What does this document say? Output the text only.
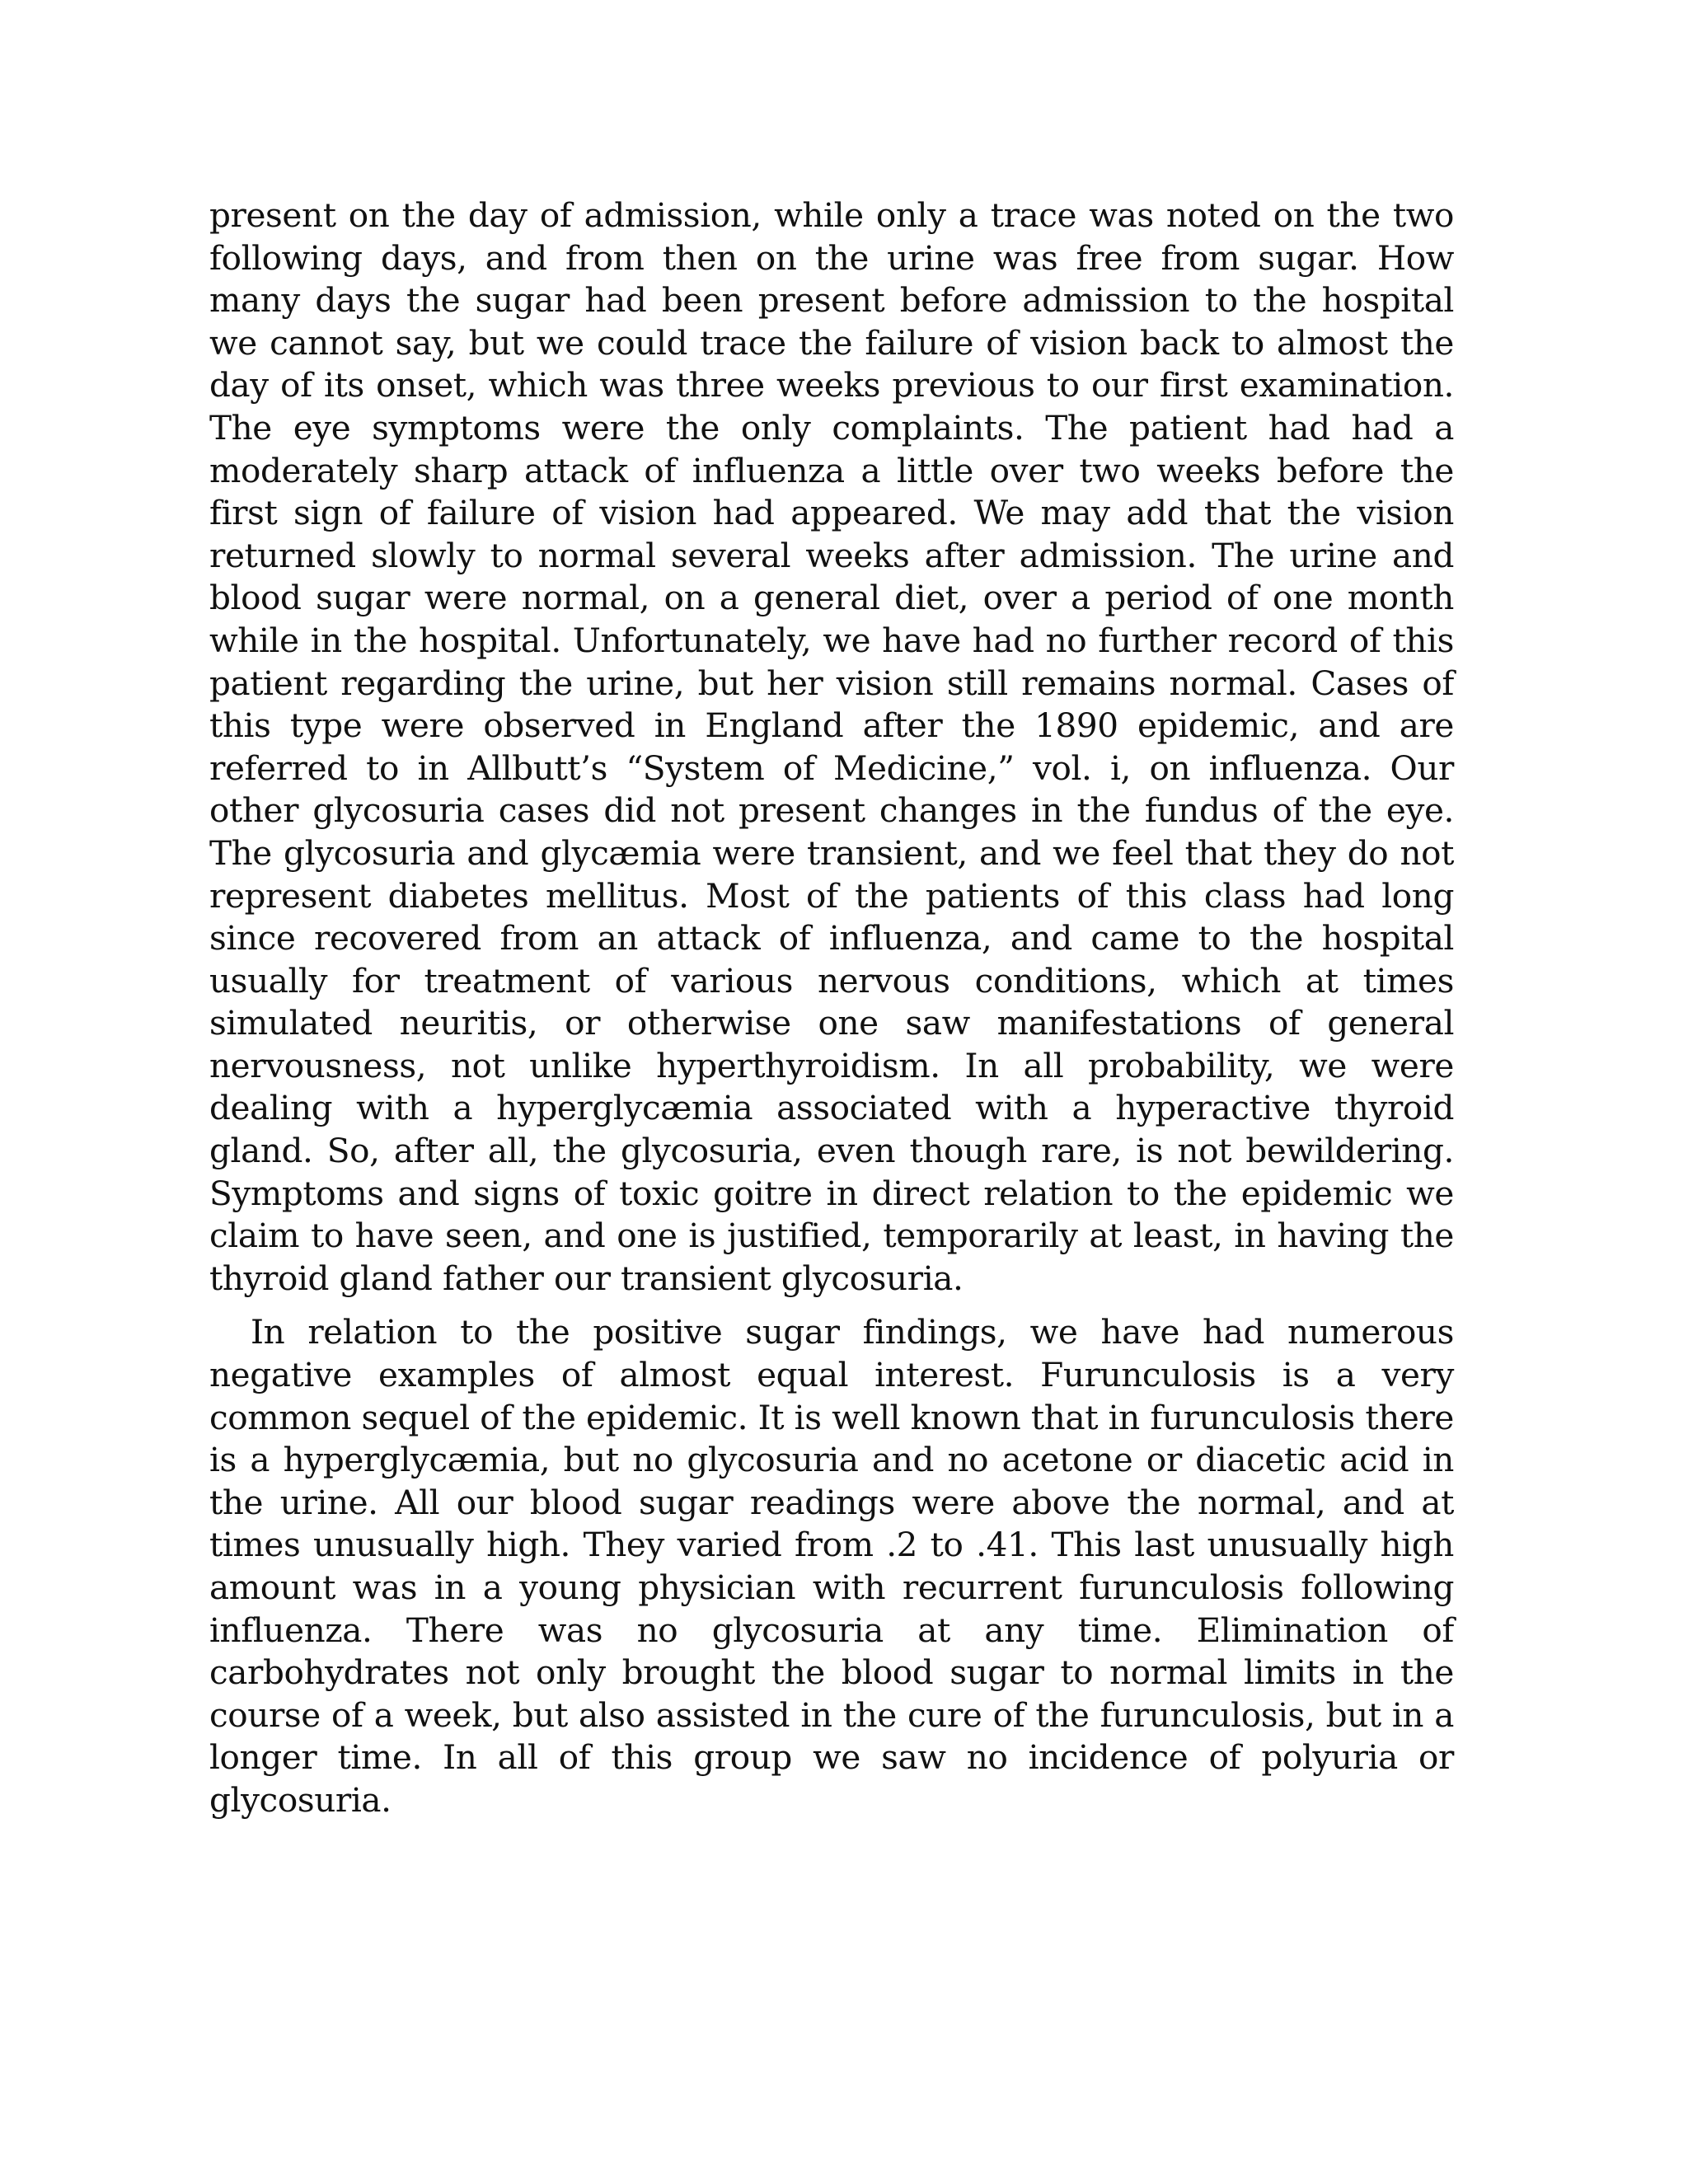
present on the day of admission, while only a trace was noted on the two following days, and from then on the urine was free from sugar. How many days the sugar had been present before admission to the hospital we cannot say, but we could trace the failure of vision back to almost the day of its onset, which was three weeks previous to our first examination. The eye symptoms were the only complaints. The patient had had a moderately sharp attack of influenza a little over two weeks before the first sign of failure of vision had appeared. We may add that the vision returned slowly to normal several weeks after admission. The urine and blood sugar were normal, on a general diet, over a period of one month while in the hospital. Unfortunately, we have had no further record of this patient regarding the urine, but her vision still remains normal. Cases of this type were observed in England after the 1890 epidemic, and are referred to in Allbutt’s “System of Medicine,” vol. i, on influenza. Our other glycosuria cases did not present changes in the fundus of the eye. The glycosuria and glycæmia were transient, and we feel that they do not represent diabetes mellitus. Most of the patients of this class had long since recovered from an attack of influenza, and came to the hospital usually for treatment of various nervous conditions, which at times simulated neuritis, or otherwise one saw manifestations of general nervousness, not unlike hyperthyroidism. In all probability, we were dealing with a hyperglycæmia associated with a hyperactive thyroid gland. So, after all, the glycosuria, even though rare, is not bewildering. Symptoms and signs of toxic goitre in direct relation to the epidemic we claim to have seen, and one is justified, temporarily at least, in having the thyroid gland father our transient glycosuria.

In relation to the positive sugar findings, we have had numerous negative examples of almost equal interest. Furunculosis is a very common sequel of the epidemic. It is well known that in furunculosis there is a hyperglycæmia, but no glycosuria and no acetone or diacetic acid in the urine. All our blood sugar readings were above the normal, and at times unusually high. They varied from .2 to .41. This last unusually high amount was in a young physician with recurrent furunculosis following influenza. There was no glycosuria at any time. Elimination of carbohydrates not only brought the blood sugar to normal limits in the course of a week, but also assisted in the cure of the furunculosis, but in a longer time. In all of this group we saw no incidence of polyuria or glycosuria.
